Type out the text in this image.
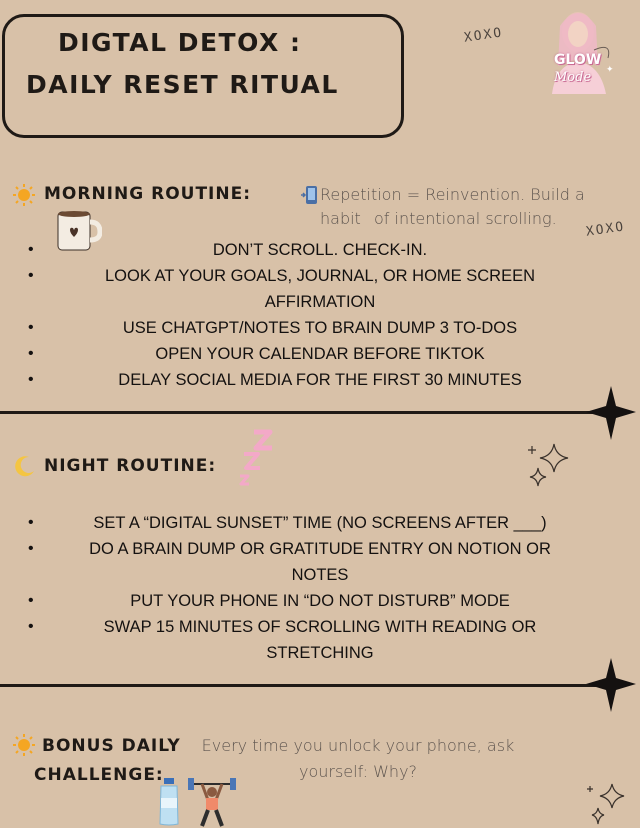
DIGTAL DETOX :
DAILY RESET RITUAL
XOXO
XOXO
✦
GLOW
Mode
MORNING ROUTINE:	Repetition = Reinvention. Build a habit of intentional scrolling.
•	DON’T SCROLL. CHECK-IN.
•	LOOK AT YOUR GOALS, JOURNAL, OR HOME SCREEN
AFFIRMATION
•	USE CHATGPT/NOTES TO BRAIN DUMP 3 TO-DOS
•	OPEN YOUR CALENDAR BEFORE TIKTOK
•	DELAY SOCIAL MEDIA FOR THE FIRST 30 MINUTES
NIGHT ROUTINE:
•	SET A “DIGITAL SUNSET” TIME (NO SCREENS AFTER ___)
•	DO A BRAIN DUMP OR GRATITUDE ENTRY ON NOTION OR
NOTES
•	PUT YOUR PHONE IN “DO NOT DISTURB” MODE
•	SWAP 15 MINUTES OF SCROLLING WITH READING OR
STRETCHING
BONUS DAILY
CHALLENGE:
Every time you unlock your phone, ask
yourself: Why?
